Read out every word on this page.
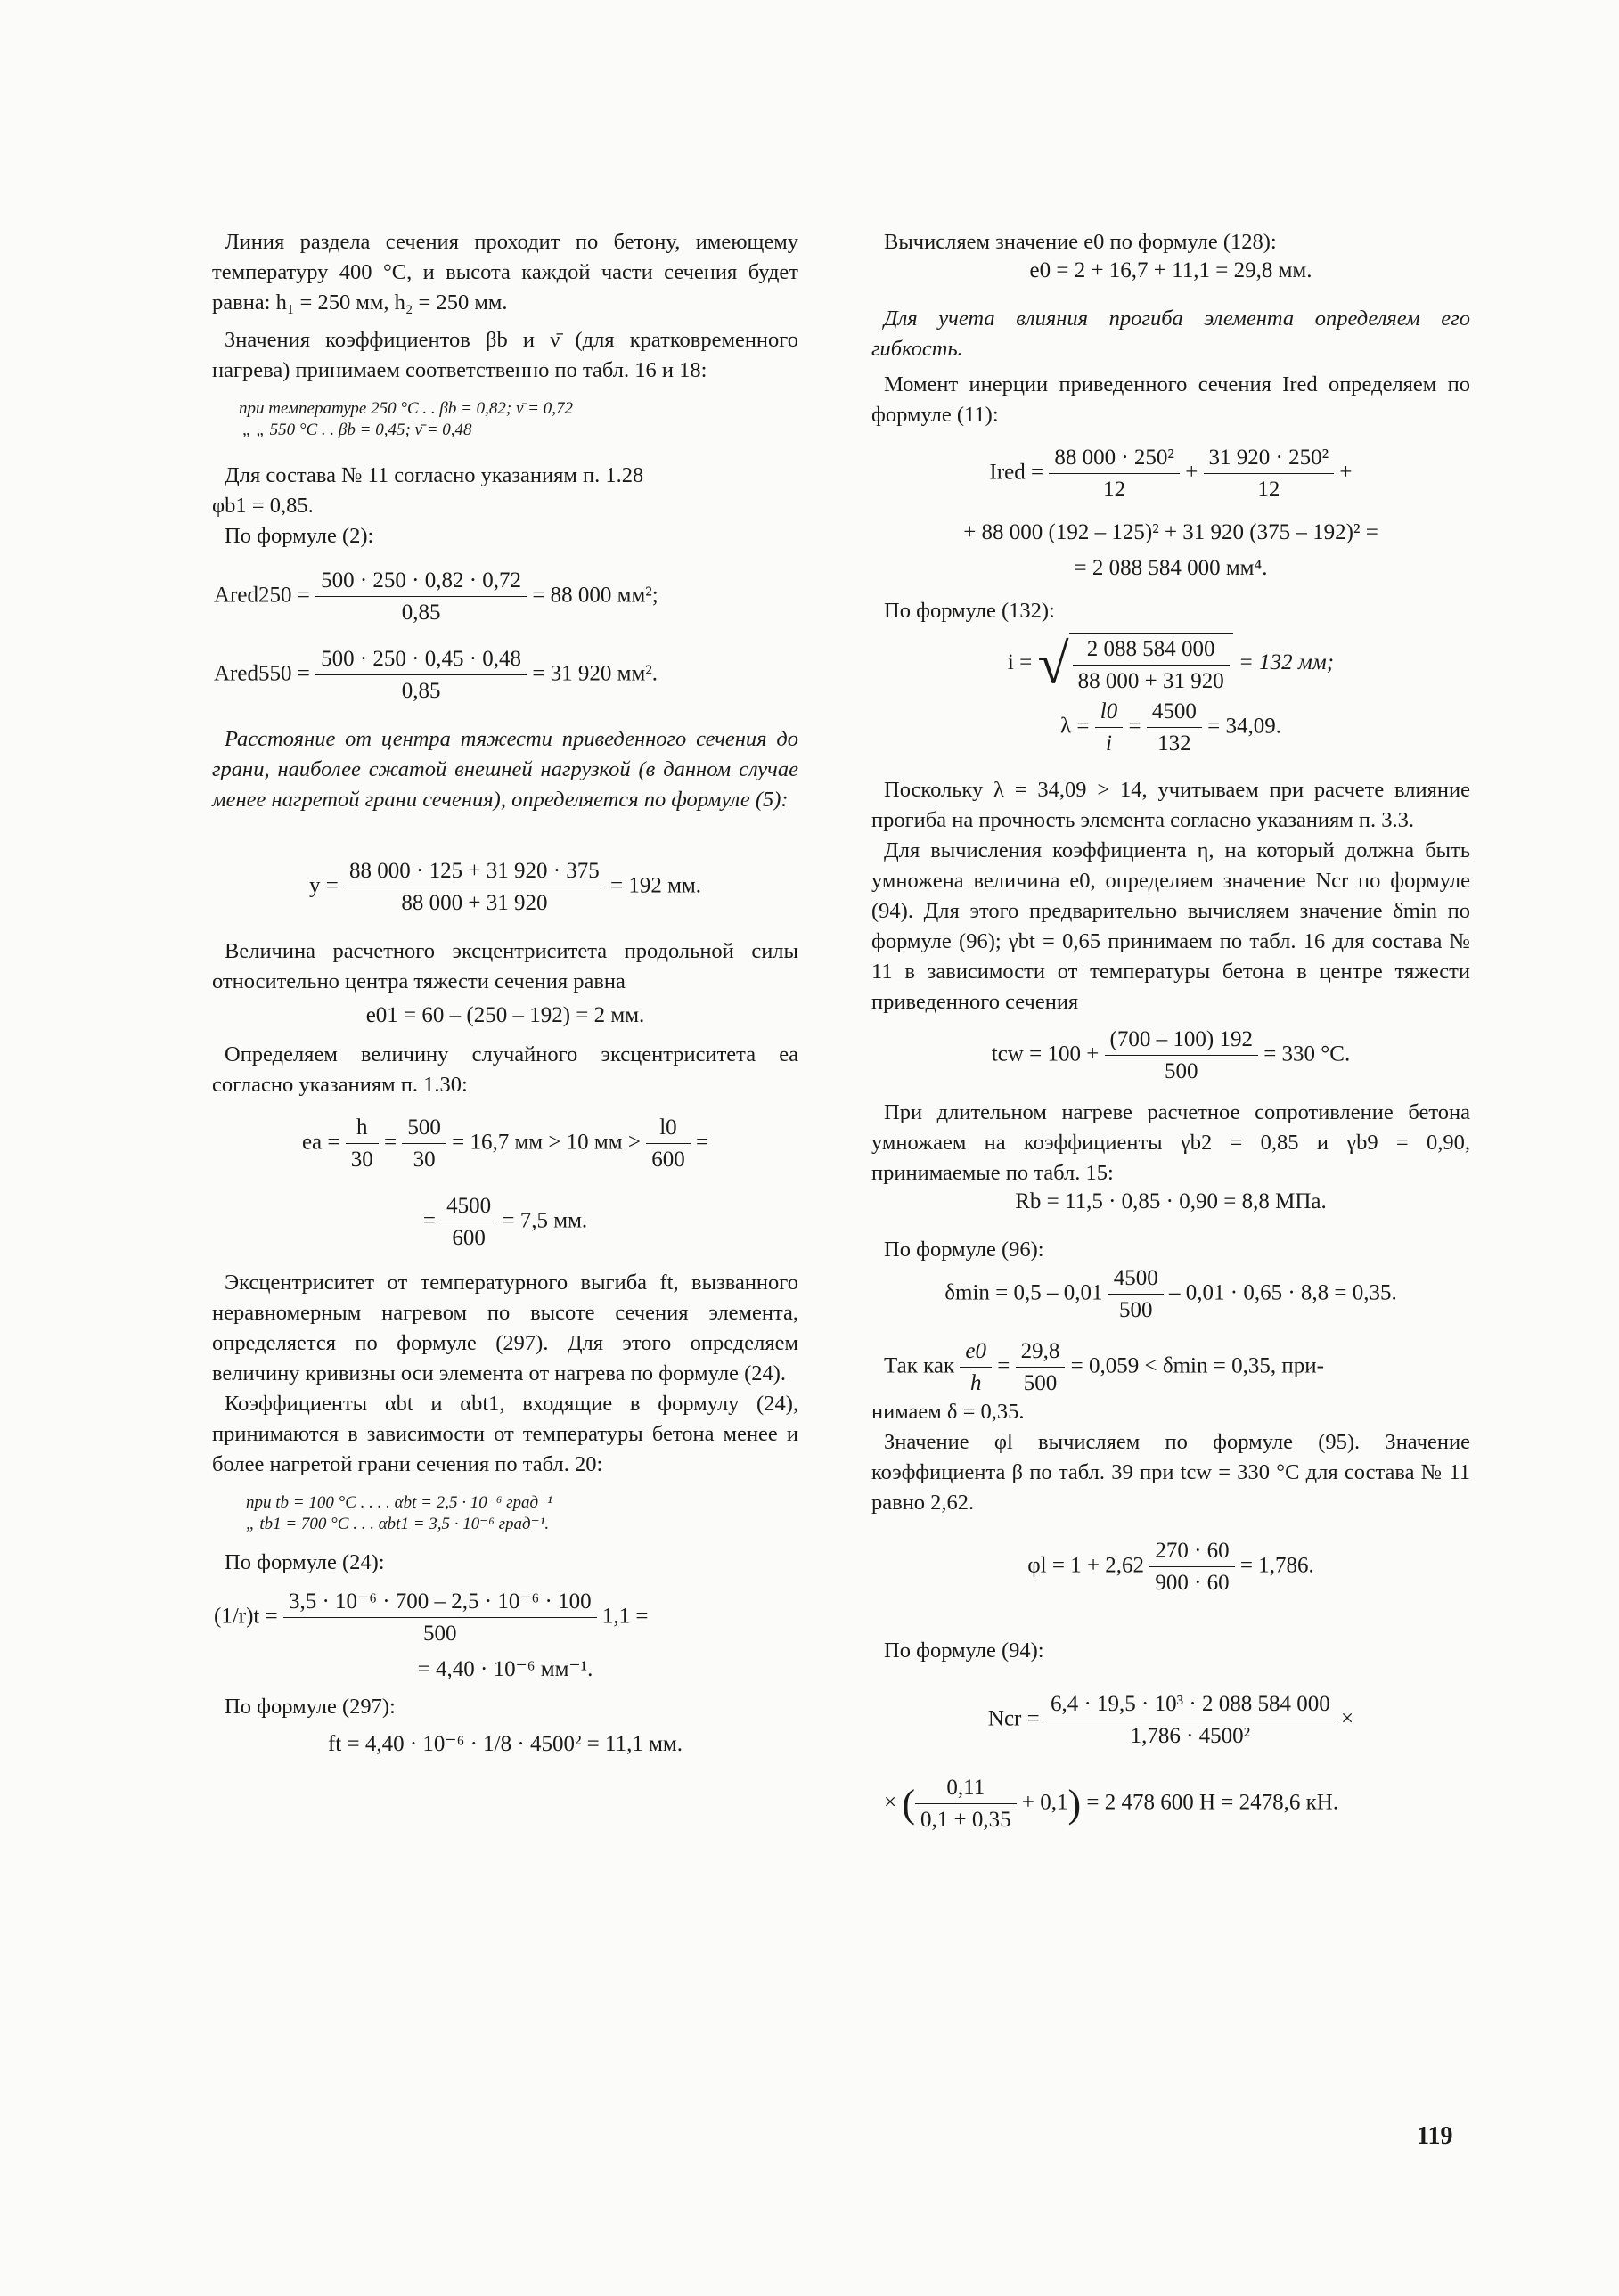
Линия раздела сечения проходит по бетону, имеющему температуру 400 °С, и высота каждой части сечения будет равна: h₁ = 250 мм, h₂ = 250 мм.

Значения коэффициентов βb и ν̄ (для кратковременного нагрева) принимаем соответственно по табл. 16 и 18:

при температуре 250 °С . . βb = 0,82; ν̄ = 0,72

„ „ 550 °С . . βb = 0,45; ν̄ = 0,48

Для состава № 11 согласно указаниям п. 1.28

φb1 = 0,85.

По формуле (2):

Ared250 = $\frac{500 \cdot 250 \cdot 0,82 \cdot 0,72}{0,85} = 88$ 000 мм²;
Ared550 = $\frac{500 \cdot 250 \cdot 0,45 \cdot 0,48}{0,85} = 31$ 920 мм².

Расстояние от центра тяжести приведенного сечения до грани, наиболее сжатой внешней нагрузкой (в данном случае менее нагретой грани сечения), определяется по формуле (5):

$y = \frac{88 000 \cdot 125 + 31 920 \cdot 375}{88 000 + 31 920} = 192$ мм.

Величина расчетного эксцентриситета продольной силы относительно центра тяжести сечения равна

e01 = 60 – (250 – 192) = 2 мм.

Определяем величину случайного эксцентриситета ea согласно указаниям п. 1.30:

ea = $\frac{h}{30} = \frac{500}{30} = 16,7$ мм > 10 мм > $\frac{l0}{600}$ =
= $\frac{4500}{600} = 7,5$ мм.

Эксцентриситет от температурного выгиба ft, вызванного неравномерным нагревом по высоте сечения элемента, определяется по формуле (297). Для этого определяем величину кривизны оси элемента от нагрева по формуле (24).

Коэффициенты αbt и αbt1, входящие в формулу (24), принимаются в зависимости от температуры бетона менее и более нагретой грани сечения по табл. 20:

при tb = 100 °С . . . . αbt = 2,5 · 10⁻⁶ град⁻¹

„ tb1 = 700 °С . . . αbt1 = 3,5 · 10⁻⁶ град⁻¹.

По формуле (24):

$(1/r)t = \frac{\text{3,5 · 10⁻⁶ · 700 – 2,5 · 10⁻⁶ · 100}}{500} 1,1$ =

= 4,40 · 10⁻⁶ мм⁻¹.

По формуле (297):

ft = 4,40 · 10⁻⁶ · 1/8 · 4500² = 11,1 мм.

Вычисляем значение e0 по формуле (128):

e0 = 2 + 16,7 + 11,1 = 29,8 мм.

Для учета влияния прогиба элемента определяем его гибкость.

Момент инерции приведенного сечения Ired определяем по формуле (11):

Ired = $\frac{\text{88 000 · 250²}}{12} + \frac{\text{31 920 · 250²}}{12}$ +

+ 88 000 (192 – 125)² + 31 920 (375 – 192)² =

= 2 088 584 000 мм⁴.

По формуле (132):

i = √ $\frac{2 088 584 000}{88 000 + 31 920} = 132$ мм;
$\lambda = \frac{l0}{i} = \frac{4500}{132} = 34,09$.

Поскольку λ = 34,09 > 14, учитываем при расчете влияние прогиба на прочность элемента согласно указаниям п. 3.3.

Для вычисления коэффициента η, на который должна быть умножена величина e0, определяем значение Ncr по формуле (94). Для этого предварительно вычисляем значение δmin по формуле (96); γbt = 0,65 принимаем по табл. 16 для состава № 11 в зависимости от температуры бетона в центре тяжести приведенного сечения

tcw = $100 + \frac{(700 - 100) 192}{500} = 330$ °С.

При длительном нагреве расчетное сопротивление бетона умножаем на коэффициенты γb2 = 0,85 и γb9 = 0,90, принимаемые по табл. 15:

Rb = 11,5 · 0,85 · 0,90 = 8,8 МПа.

По формуле (96):

$\delta\min = 0,5 - 0,01 \frac{4500}{500} - 0,01 \cdot 0,65 \cdot 8,8 = 0,35$.
Так как $\frac{e0}{h} = \frac{29,8}{500} = 0,059 < \delta\min = 0,35$, при-

нимаем δ = 0,35.

Значение φl вычисляем по формуле (95). Значение коэффициента β по табл. 39 при tcw = 330 °С для состава № 11 равно 2,62.

$\varphi l = 1 + 2,62 \frac{270 \cdot 60}{900 \cdot 60} = 1,786$.

По формуле (94):

Ncr = $\frac{\text{6,4 · 19,5 · 10³ · 2 088 584 000}}{\text{1,786 · 4500²}}$ ×
× ( $\frac{0,11}{0,1 + 0,35} + 0,1) = 2$ 478 600 Н = 2478,6 кН.
119
